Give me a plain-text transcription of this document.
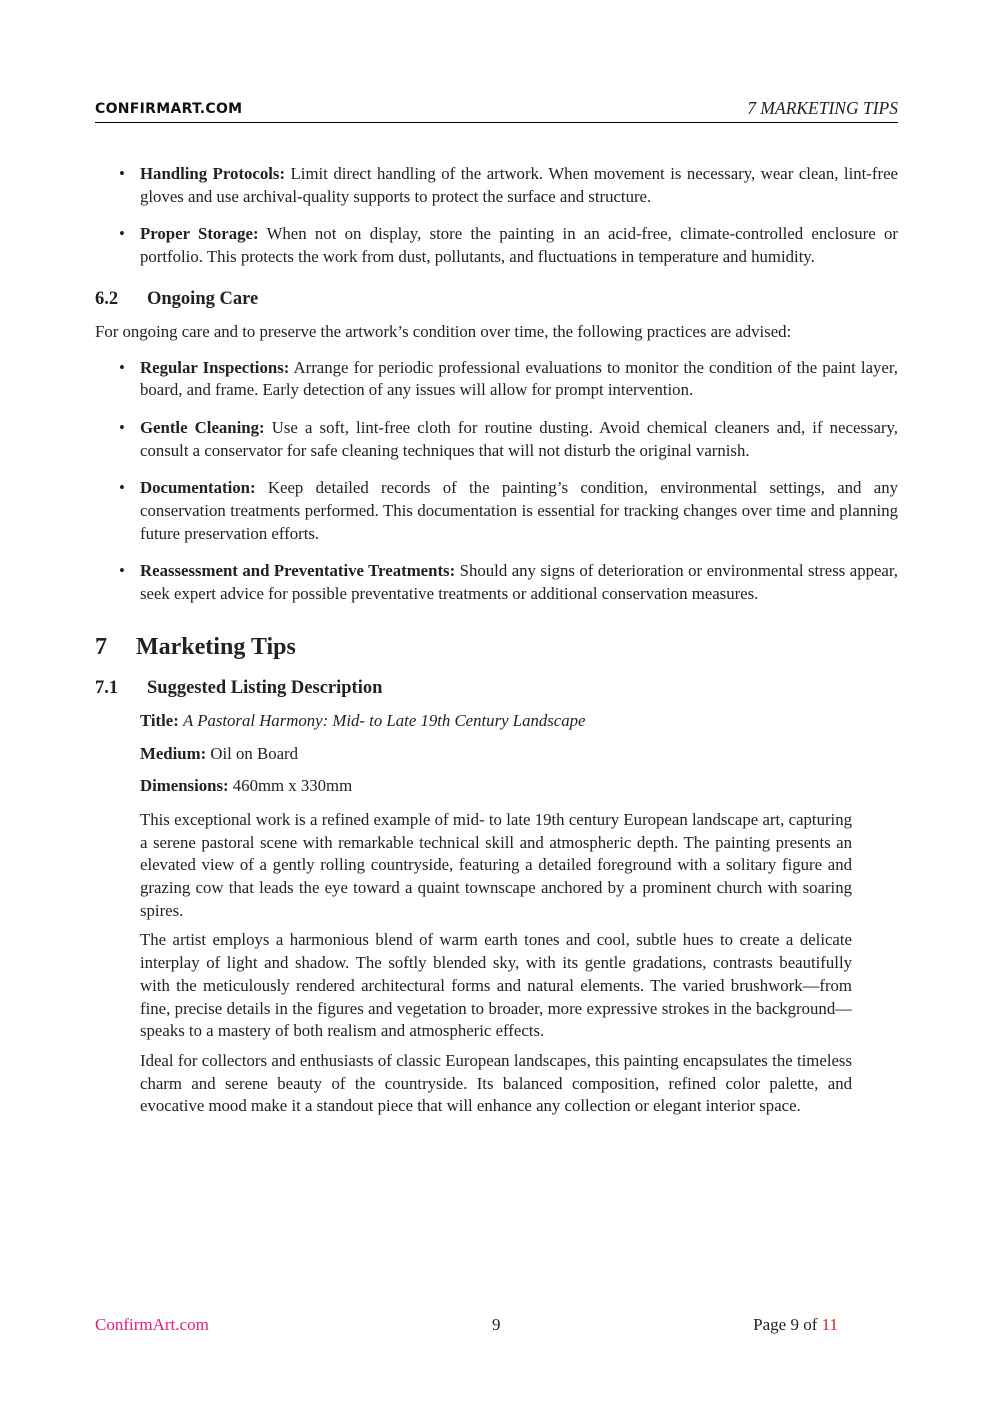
CONFIRMART.COM	7 MARKETING TIPS
• Handling Protocols: Limit direct handling of the artwork. When movement is necessary, wear clean, lint-free gloves and use archival-quality supports to protect the surface and structure.
• Proper Storage: When not on display, store the painting in an acid-free, climate-controlled enclosure or portfolio. This protects the work from dust, pollutants, and fluctuations in temperature and humidity.
6.2 Ongoing Care

For ongoing care and to preserve the artwork’s condition over time, the following practices are advised:

• Regular Inspections: Arrange for periodic professional evaluations to monitor the condition of the paint layer, board, and frame. Early detection of any issues will allow for prompt intervention.
• Gentle Cleaning: Use a soft, lint-free cloth for routine dusting. Avoid chemical cleaners and, if necessary, consult a conservator for safe cleaning techniques that will not disturb the original varnish.
• Documentation: Keep detailed records of the painting’s condition, environmental settings, and any conservation treatments performed. This documentation is essential for tracking changes over time and planning future preservation efforts.
• Reassessment and Preventative Treatments: Should any signs of deterioration or environmental stress appear, seek expert advice for possible preventative treatments or additional conservation measures.
7 Marketing Tips
7.1 Suggested Listing Description
Title: A Pastoral Harmony: Mid- to Late 19th Century Landscape
Medium: Oil on Board
Dimensions: 460mm x 330mm

This exceptional work is a refined example of mid- to late 19th century European landscape art, capturing a serene pastoral scene with remarkable technical skill and atmospheric depth. The painting presents an elevated view of a gently rolling countryside, featuring a detailed foreground with a solitary figure and grazing cow that leads the eye toward a quaint townscape anchored by a prominent church with soaring spires.

The artist employs a harmonious blend of warm earth tones and cool, subtle hues to create a delicate interplay of light and shadow. The softly blended sky, with its gentle gradations, contrasts beautifully with the meticulously rendered architectural forms and natural elements. The varied brushwork—from fine, precise details in the figures and vegetation to broader, more expressive strokes in the background—speaks to a mastery of both realism and atmospheric effects.

Ideal for collectors and enthusiasts of classic European landscapes, this painting encapsulates the timeless charm and serene beauty of the countryside. Its balanced composition, refined color palette, and evocative mood make it a standout piece that will enhance any collection or elegant interior space.

ConfirmArt.com	9	Page 9 of 11
